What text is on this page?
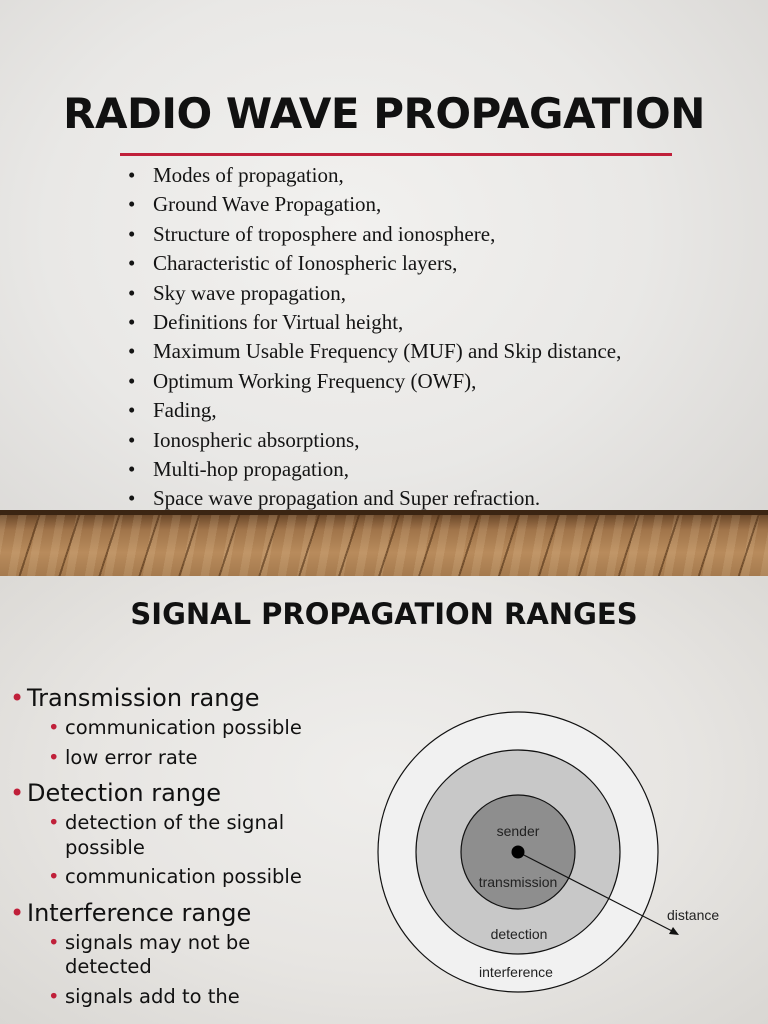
RADIO WAVE PROPAGATION
• Modes of propagation,
• Ground Wave Propagation,
• Structure of troposphere and ionosphere,
• Characteristic of Ionospheric layers,
• Sky wave propagation,
• Definitions for Virtual height,
• Maximum Usable Frequency (MUF) and Skip distance,
• Optimum Working Frequency (OWF),
• Fading,
• Ionospheric absorptions,
• Multi-hop propagation,
• Space wave propagation and Super refraction.
SIGNAL PROPAGATION RANGES
• Transmission range
• communication possible
• low error rate
• Detection range
• detection of the signal possible
• communication possible
• Interference range
• signals may not be detected
• signals add to the
sender
transmission
detection
interference
distance
